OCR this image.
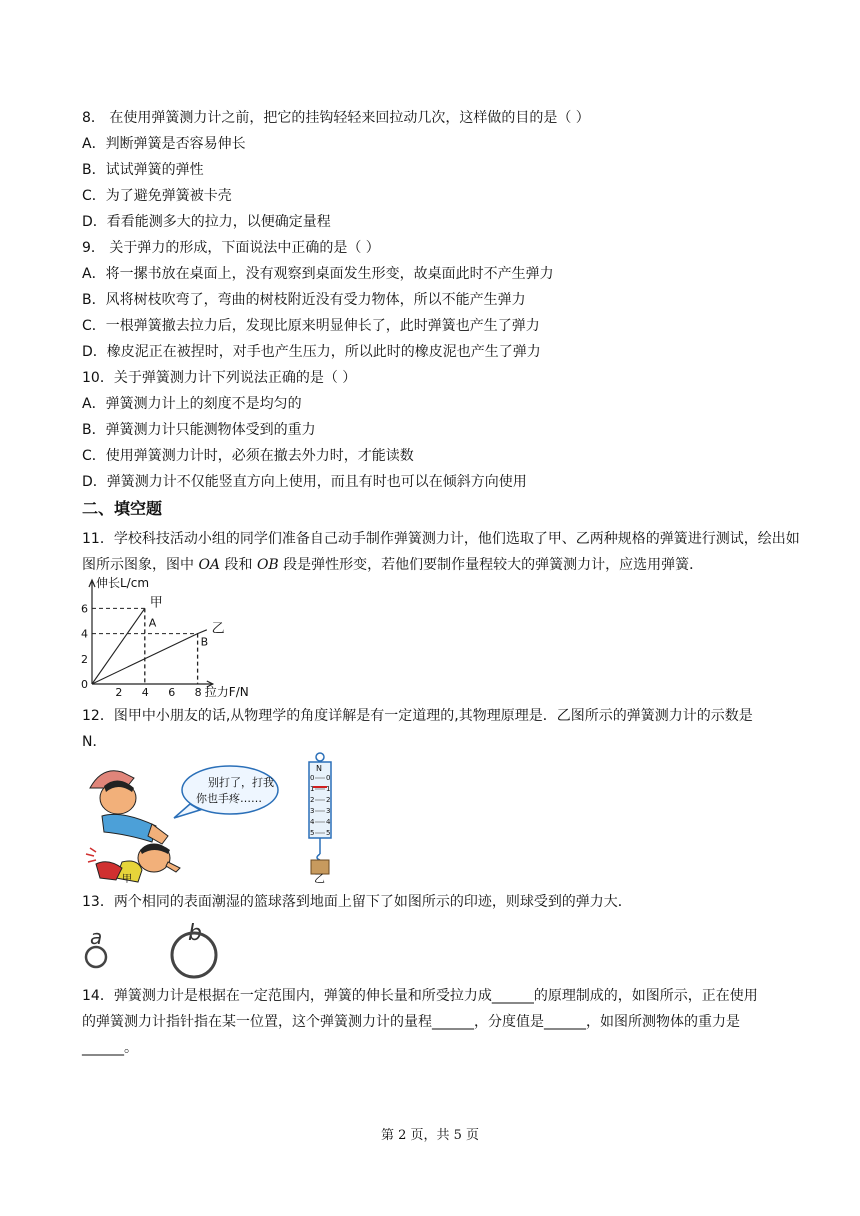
8． 在使用弹簧测力计之前，把它的挂钩轻轻来回拉动几次，这样做的目的是（ ）
A．判断弹簧是否容易伸长
B．试试弹簧的弹性
C．为了避免弹簧被卡壳
D．看看能测多大的拉力，以便确定量程
9． 关于弹力的形成，下面说法中正确的是（ ）
A．将一摞书放在桌面上，没有观察到桌面发生形变，故桌面此时不产生弹力
B．风将树枝吹弯了，弯曲的树枝附近没有受力物体，所以不能产生弹力
C．一根弹簧撤去拉力后，发现比原来明显伸长了，此时弹簧也产生了弹力
D．橡皮泥正在被捏时，对手也产生压力，所以此时的橡皮泥也产生了弹力
10．关于弹簧测力计下列说法正确的是（ ）
A．弹簧测力计上的刻度不是均匀的
B．弹簧测力计只能测物体受到的重力
C．使用弹簧测力计时，必须在撤去外力时，才能读数
D．弹簧测力计不仅能竖直方向上使用，而且有时也可以在倾斜方向使用
二、填空题
11．学校科技活动小组的同学们准备自己动手制作弹簧测力计，他们选取了甲、乙两种规格的弹簧进行测试，绘出如图所示图象，图中 OA 段和 OB 段是弹性形变，若他们要制作量程较大的弹簧测力计，应选用弹簧．
伸长L/cm
拉力F/N
0
2 4 6 8
2
4
6	甲
A	乙
B
12．图甲中小朋友的话,从物理学的角度详解是有一定道理的,其物理原理是．乙图所示的弹簧测力计的示数是
N．
别打了，打我
你也手疼……
甲
N
0 0
1 1
2 2
3 3
4 4
5 5
乙
13．两个相同的表面潮湿的篮球落到地面上留下了如图所示的印迹，则球受到的弹力大．
a	b
14．弹簧测力计是根据在一定范围内，弹簧的伸长量和所受拉力成______的原理制成的，如图所示，正在使用
的弹簧测力计指针指在某一位置，这个弹簧测力计的量程______，分度值是______，如图所测物体的重力是
______。
第 2 页，共 5 页
